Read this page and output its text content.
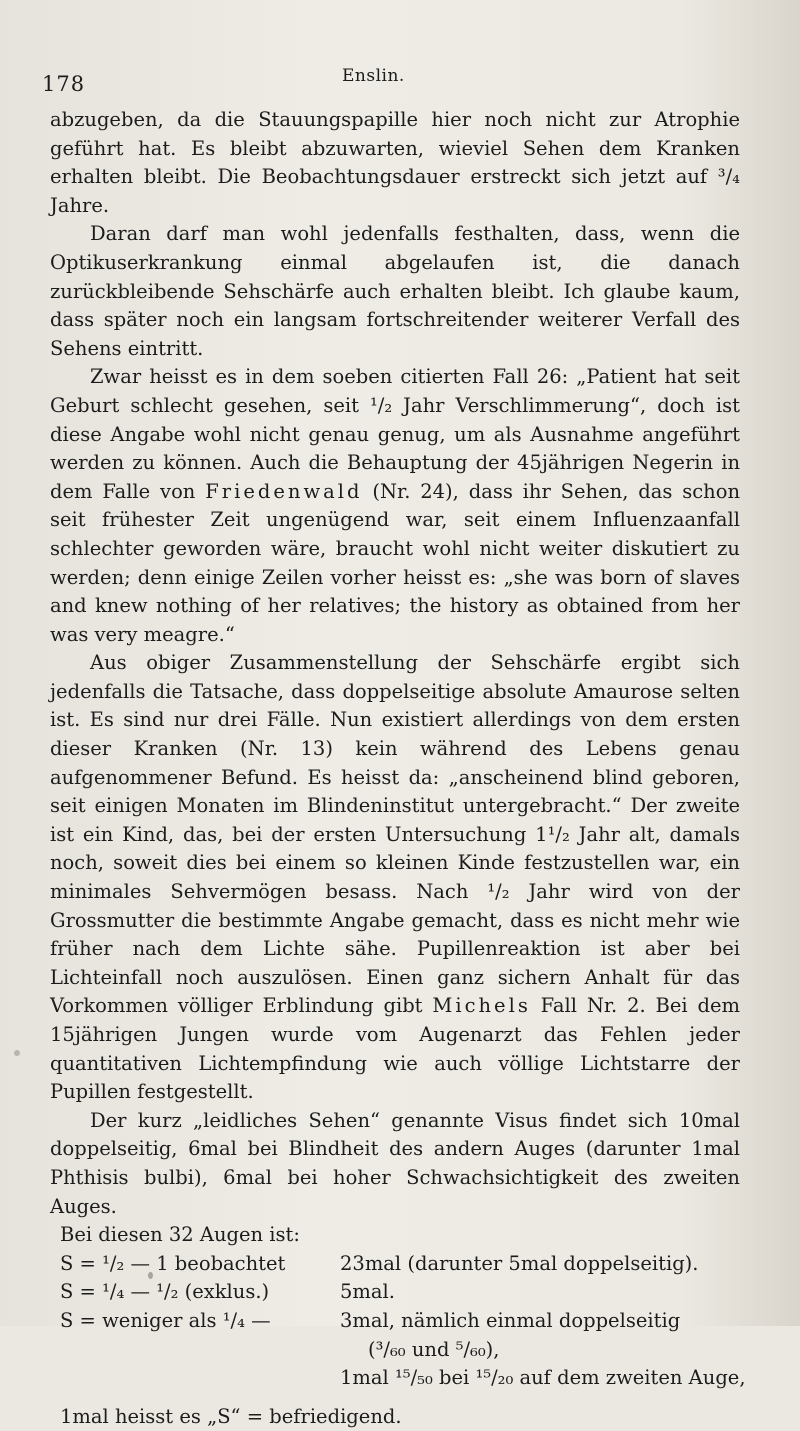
178	Enslin.

abzugeben, da die Stauungspapille hier noch nicht zur Atrophie geführt hat. Es bleibt abzuwarten, wieviel Sehen dem Kranken erhalten bleibt. Die Beobachtungsdauer erstreckt sich jetzt auf ³/₄ Jahre.

Daran darf man wohl jedenfalls festhalten, dass, wenn die Optikuserkrankung einmal abgelaufen ist, die danach zurückbleibende Sehschärfe auch erhalten bleibt. Ich glaube kaum, dass später noch ein langsam fortschreitender weiterer Verfall des Sehens eintritt.

Zwar heisst es in dem soeben citierten Fall 26: „Patient hat seit Geburt schlecht gesehen, seit ¹/₂ Jahr Verschlimmerung“, doch ist diese Angabe wohl nicht genau genug, um als Ausnahme angeführt werden zu können. Auch die Behauptung der 45jährigen Negerin in dem Falle von Friedenwald (Nr. 24), dass ihr Sehen, das schon seit frühester Zeit ungenügend war, seit einem Influenzaanfall schlechter geworden wäre, braucht wohl nicht weiter diskutiert zu werden; denn einige Zeilen vorher heisst es: „she was born of slaves and knew nothing of her relatives; the history as obtained from her was very meagre.“

Aus obiger Zusammenstellung der Sehschärfe ergibt sich jedenfalls die Tatsache, dass doppelseitige absolute Amaurose selten ist. Es sind nur drei Fälle. Nun existiert allerdings von dem ersten dieser Kranken (Nr. 13) kein während des Lebens genau aufgenommener Befund. Es heisst da: „anscheinend blind geboren, seit einigen Monaten im Blindeninstitut untergebracht.“ Der zweite ist ein Kind, das, bei der ersten Untersuchung 1¹/₂ Jahr alt, damals noch, soweit dies bei einem so kleinen Kinde festzustellen war, ein minimales Sehvermögen besass. Nach ¹/₂ Jahr wird von der Grossmutter die bestimmte Angabe gemacht, dass es nicht mehr wie früher nach dem Lichte sähe. Pupillenreaktion ist aber bei Lichteinfall noch auszulösen. Einen ganz sichern Anhalt für das Vorkommen völliger Erblindung gibt Michels Fall Nr. 2. Bei dem 15jährigen Jungen wurde vom Augenarzt das Fehlen jeder quantitativen Lichtempfindung wie auch völlige Lichtstarre der Pupillen festgestellt.

Der kurz „leidliches Sehen“ genannte Visus findet sich 10mal doppelseitig, 6mal bei Blindheit des andern Auges (darunter 1mal Phthisis bulbi), 6mal bei hoher Schwachsichtigkeit des zweiten Auges.

Bei diesen 32 Augen ist:

S = ¹/₂ — 1 beobachtet	23mal (darunter 5mal doppelseitig).
S = ¹/₄ — ¹/₂ (exklus.)	5mal.
S = weniger als ¹/₄ —	3mal, nämlich einmal doppelseitig
(³/₆₀ und ⁵/₆₀),
1mal ¹⁵/₅₀ bei ¹⁵/₂₀ auf dem zweiten Auge,
1mal heisst es „S“ = befriedigend.
